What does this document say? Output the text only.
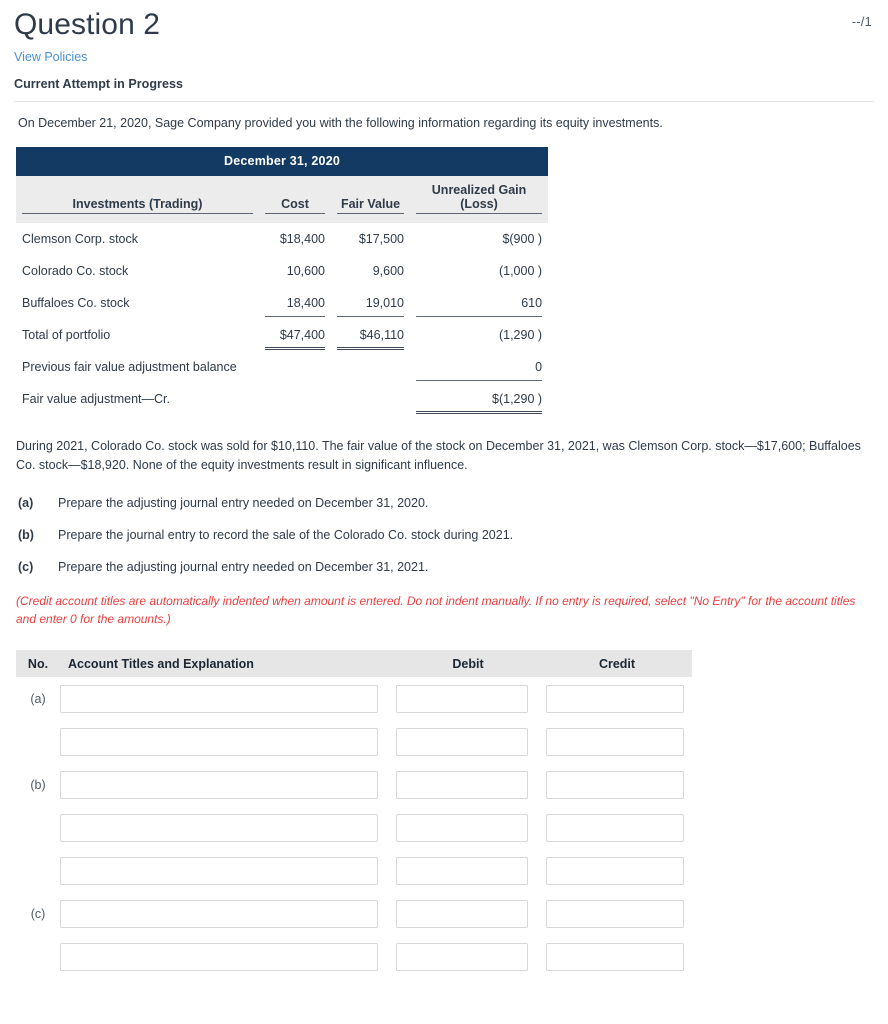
Question 2	--/1
View Policies
Current Attempt in Progress

On December 21, 2020, Sage Company provided you with the following information regarding its equity investments.

December 31, 2020			
Investments (Trading)	Cost	Fair Value	Unrealized Gain (Loss)
Clemson Corp. stock	$18,400	$17,500	$(900 )
Colorado Co. stock	10,600	9,600	(1,000 )
Buffaloes Co. stock	18,400	19,010	610
Total of portfolio	$47,400	$46,110	(1,290 )
Previous fair value adjustment balance			0
Fair value adjustment—Cr.			$(1,290 )

During 2021, Colorado Co. stock was sold for $10,110. The fair value of the stock on December 31, 2021, was Clemson Corp. stock—$17,600; Buffaloes Co. stock—$18,920. None of the equity investments result in significant influence.

(a)	Prepare the adjusting journal entry needed on December 31, 2020.
(b)	Prepare the journal entry to record the sale of the Colorado Co. stock during 2021.
(c)	Prepare the adjusting journal entry needed on December 31, 2021.

(Credit account titles are automatically indented when amount is entered. Do not indent manually. If no entry is required, select "No Entry" for the account titles and enter 0 for the amounts.)

No.	Account Titles and Explanation	Debit	Credit
(a)
(b)
(c)
